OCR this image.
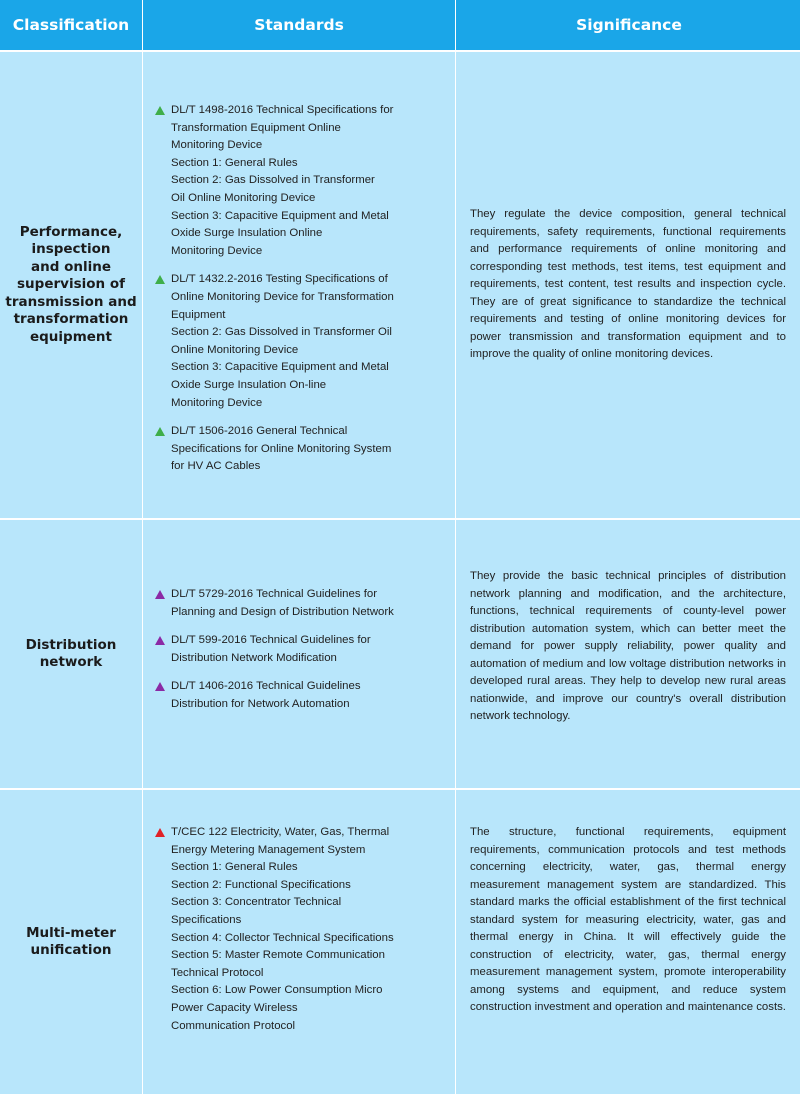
Classification	Standards	Significance
Performance,
inspection
and online
supervision of
transmission and
transformation
equipment
DL/T 1498-2016 Technical Specifications for
Transformation Equipment Online
Monitoring Device
Section 1: General Rules
Section 2: Gas Dissolved in Transformer
Oil Online Monitoring Device
Section 3: Capacitive Equipment and Metal
Oxide Surge Insulation Online
Monitoring Device
DL/T 1432.2-2016 Testing Specifications of
Online Monitoring Device for Transformation
Equipment
Section 2: Gas Dissolved in Transformer Oil
Online Monitoring Device
Section 3: Capacitive Equipment and Metal
Oxide Surge Insulation On-line
Monitoring Device
DL/T 1506-2016 General Technical
Specifications for Online Monitoring System
for HV AC Cables
They regulate the device composition, general technical requirements, safety requirements, functional requirements and performance requirements of online monitoring and corresponding test methods, test items, test equipment and requirements, test content, test results and inspection cycle. They are of great significance to standardize the technical requirements and testing of online monitoring devices for power transmission and transformation equipment and to improve the quality of online monitoring devices.
Distribution
network
DL/T 5729-2016 Technical Guidelines for
Planning and Design of Distribution Network
DL/T 599-2016 Technical Guidelines for
Distribution Network Modification
DL/T 1406-2016 Technical Guidelines
Distribution for Network Automation
They provide the basic technical principles of distribution network planning and modification, and the architecture, functions, technical requirements of county-level power distribution automation system, which can better meet the demand for power supply reliability, power quality and automation of medium and low voltage distribution networks in developed rural areas. They help to develop new rural areas nationwide, and improve our country's overall distribution network technology.
Multi-meter
unification
T/CEC 122 Electricity, Water, Gas, Thermal
Energy Metering Management System
Section 1: General Rules
Section 2: Functional Specifications
Section 3: Concentrator Technical
Specifications
Section 4: Collector Technical Specifications
Section 5: Master Remote Communication
Technical Protocol
Section 6: Low Power Consumption Micro
Power Capacity Wireless
Communication Protocol
The structure, functional requirements, equipment requirements, communication protocols and test methods concerning electricity, water, gas, thermal energy measurement management system are standardized. This standard marks the official establishment of the first technical standard system for measuring electricity, water, gas and thermal energy in China. It will effectively guide the construction of electricity, water, gas, thermal energy measurement management system, promote interoperability among systems and equipment, and reduce system construction investment and operation and maintenance costs.
